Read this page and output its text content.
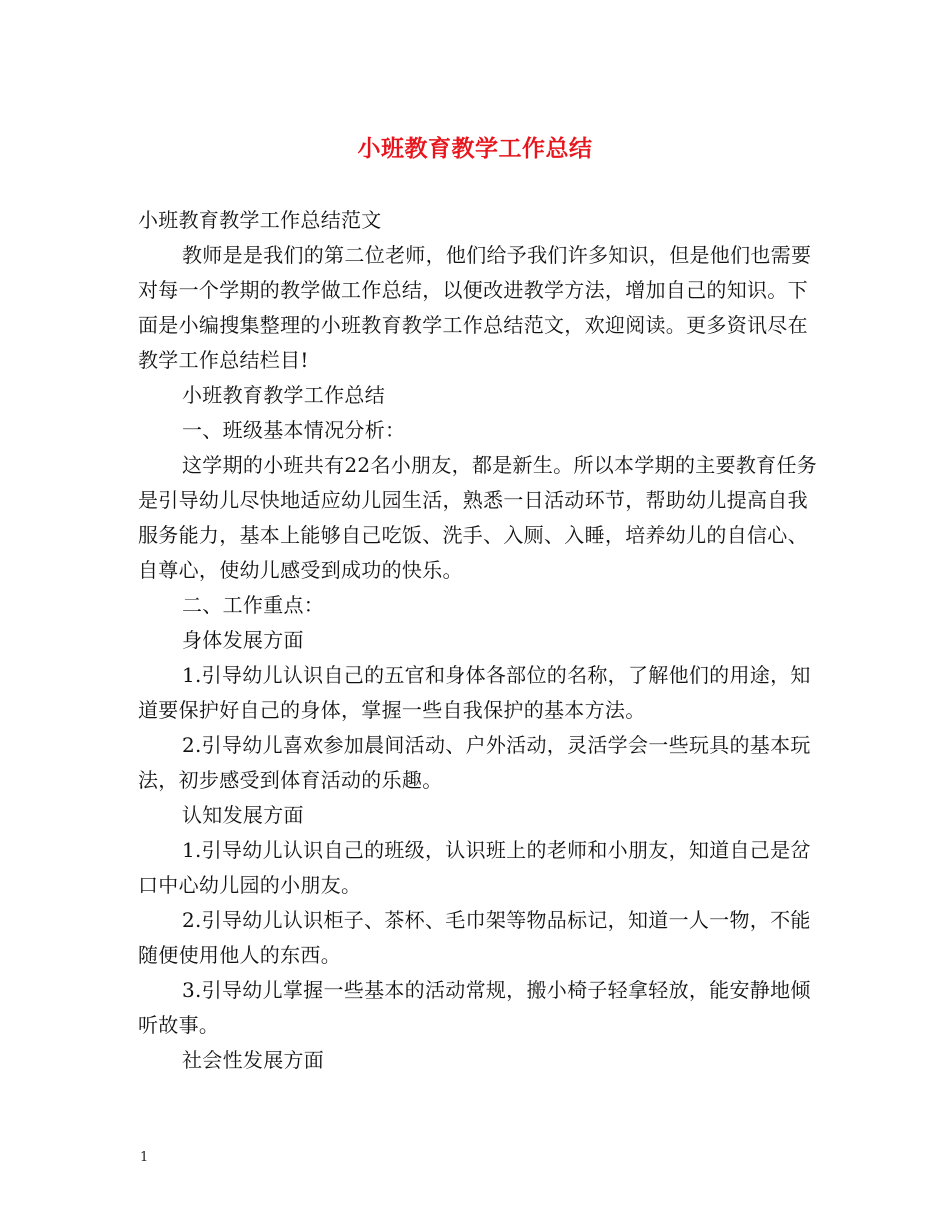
小班教育教学工作总结

小班教育教学工作总结范文

教师是是我们的第二位老师，他们给予我们许多知识，但是他们也需要对每一个学期的教学做工作总结，以便改进教学方法，增加自己的知识。下面是小编搜集整理的小班教育教学工作总结范文，欢迎阅读。更多资讯尽在教学工作总结栏目!

小班教育教学工作总结

一、班级基本情况分析：

这学期的小班共有22名小朋友，都是新生。所以本学期的主要教育任务是引导幼儿尽快地适应幼儿园生活，熟悉一日活动环节，帮助幼儿提高自我服务能力，基本上能够自己吃饭、洗手、入厕、入睡，培养幼儿的自信心、自尊心，使幼儿感受到成功的快乐。

二、工作重点：

身体发展方面

1.引导幼儿认识自己的五官和身体各部位的名称，了解他们的用途，知道要保护好自己的身体，掌握一些自我保护的基本方法。

2.引导幼儿喜欢参加晨间活动、户外活动，灵活学会一些玩具的基本玩法，初步感受到体育活动的乐趣。

认知发展方面

1.引导幼儿认识自己的班级，认识班上的老师和小朋友，知道自己是岔口中心幼儿园的小朋友。

2.引导幼儿认识柜子、茶杯、毛巾架等物品标记，知道一人一物，不能随便使用他人的东西。

3.引导幼儿掌握一些基本的活动常规，搬小椅子轻拿轻放，能安静地倾听故事。

社会性发展方面

1
